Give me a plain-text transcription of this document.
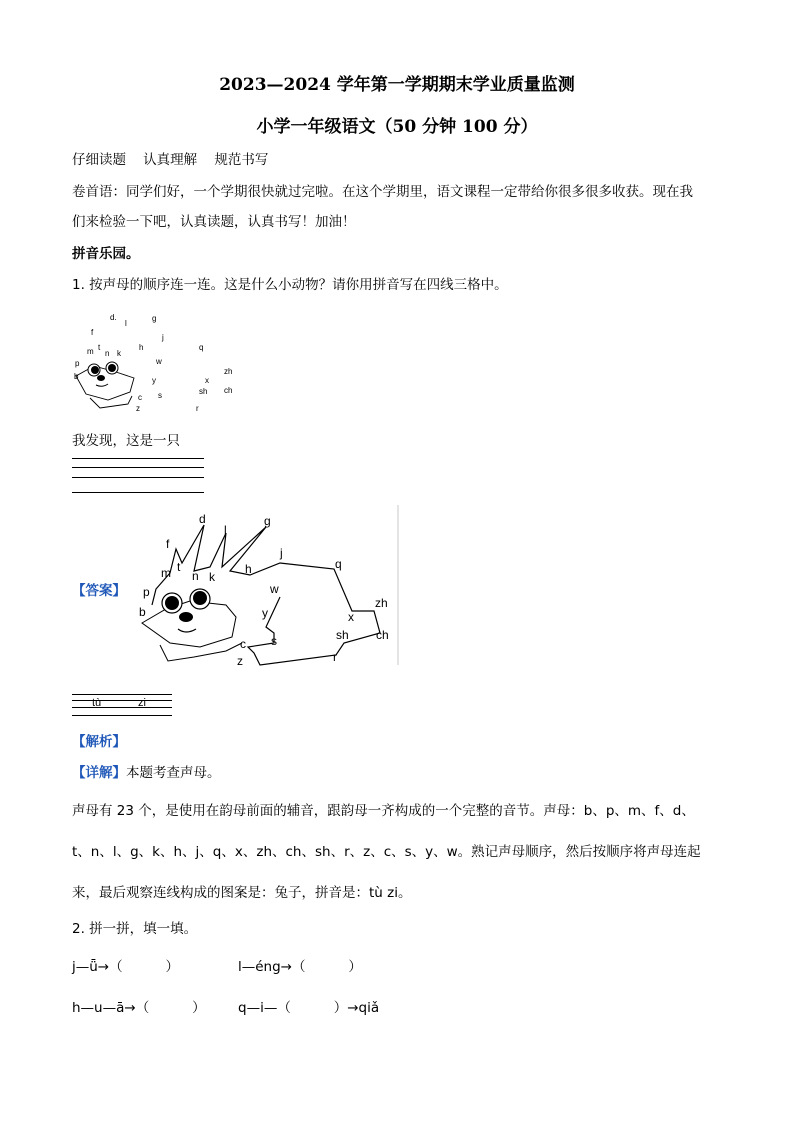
2023—2024 学年第一学期期末学业质量监测
小学一年级语文（50 分钟 100 分）
仔细读题    认真理解    规范书写
卷首语：同学们好，一个学期很快就过完啦。在这个学期里，语文课程一定带给你很多很多收获。现在我
们来检验一下吧，认真读题，认真书写！加油！
拼音乐园。
1. 按声母的顺序连一连。这是什么小动物？请你用拼音写在四线三格中。
d.
l
g
f
j
t	h	q
m n k
w
p
zh
y	x
b
ch
sh
c s
z	r
我发现，这是一只
【答案】
d
l
g
f
t
j
q
m n k
h
w
p
b	y
zh
x
s	sh ch
c
z	r
tù	zi
【解析】
【详解】本题考查声母。
声母有 23 个，是使用在韵母前面的辅音，跟韵母一齐构成的一个完整的音节。声母：b、p、m、f、d、
t、n、l、g、k、h、j、q、x、zh、ch、sh、r、z、c、s、y、w。熟记声母顺序，然后按顺序将声母连起
来，最后观察连线构成的图案是：兔子，拼音是：tù zi。
2. 拼一拼，填一填。
j—ǖ→（          ）	l—éng→（          ）
h—u—ā→（          ） q—i—（          ）→qiǎ
